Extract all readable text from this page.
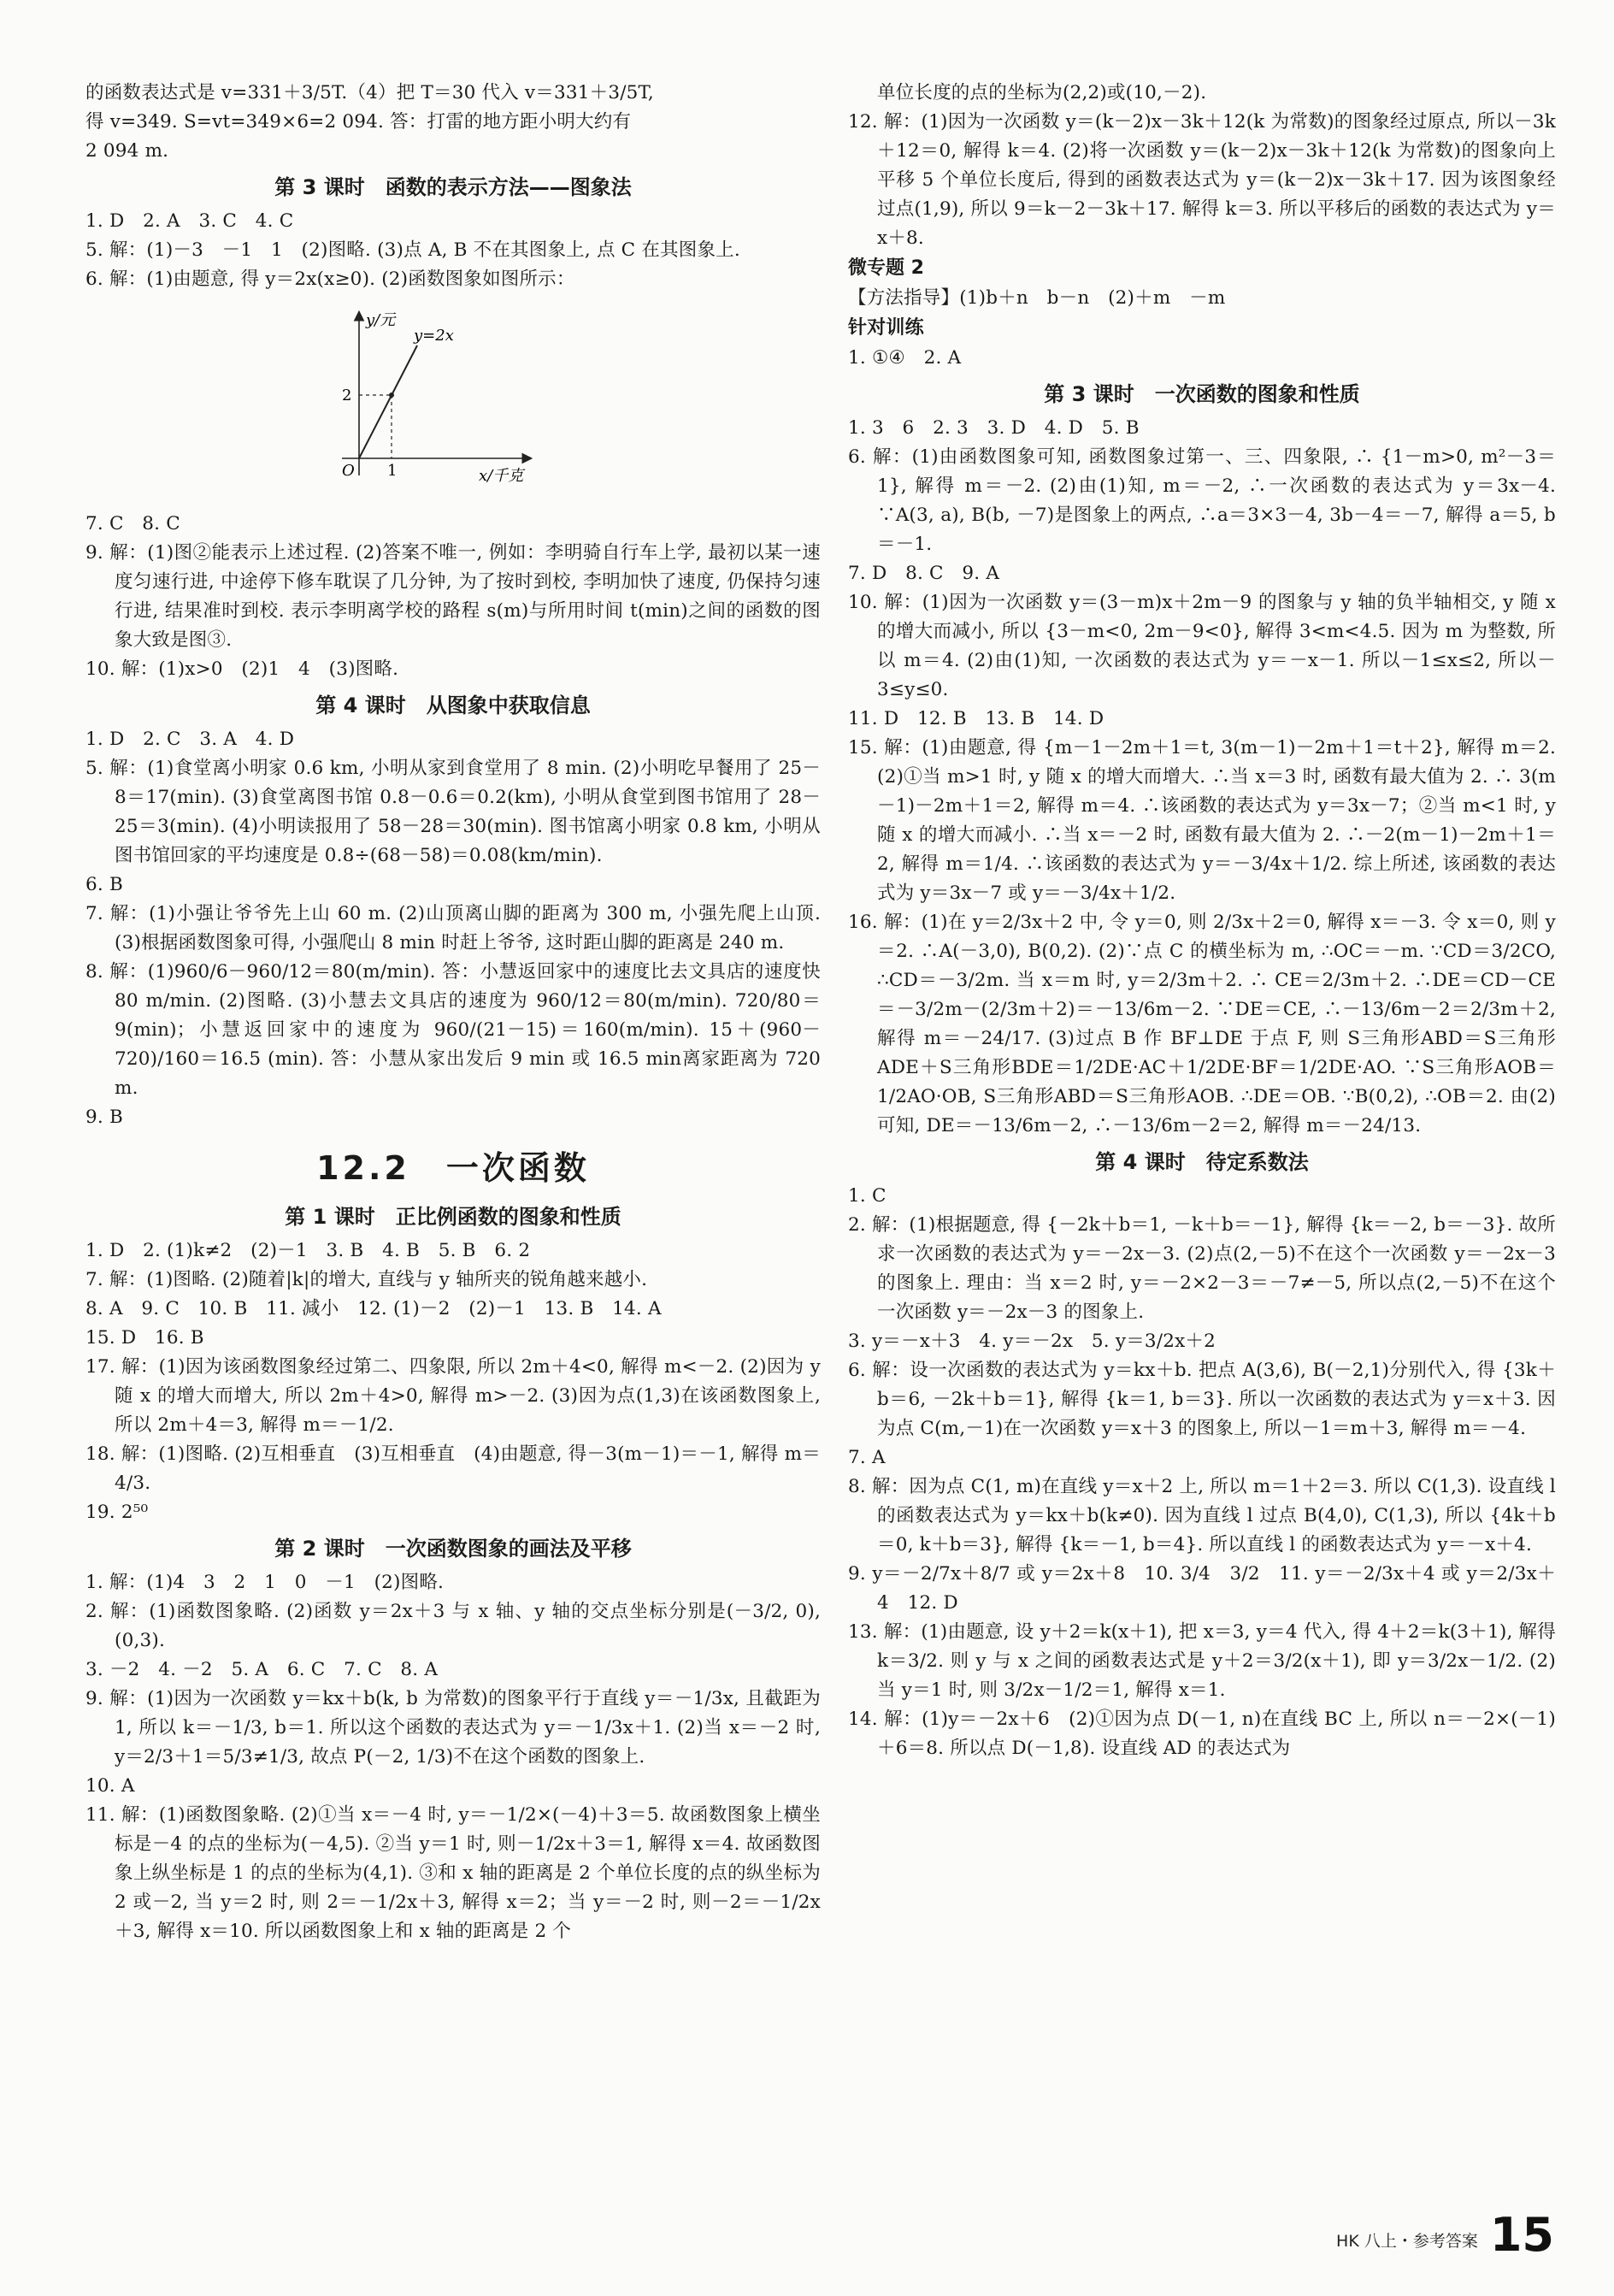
的函数表达式是 v=331＋3/5T.（4）把 T＝30 代入 v＝331＋3/5T,

得 v=349. S=vt=349×6=2 094. 答：打雷的地方距小明大约有

2 094 m.

第 3 课时　函数的表示方法——图象法

1. D　2. A　3. C　4. C

5. 解：(1)－3　－1　1　(2)图略. (3)点 A, B 不在其图象上, 点 C 在其图象上.

6. 解：(1)由题意, 得 y＝2x(x≥0). (2)函数图象如图所示：

y/元
y=2x
2
O 1	x/千克

7. C　8. C

9. 解：(1)图②能表示上述过程. (2)答案不唯一, 例如：李明骑自行车上学, 最初以某一速度匀速行进, 中途停下修车耽误了几分钟, 为了按时到校, 李明加快了速度, 仍保持匀速行进, 结果准时到校. 表示李明离学校的路程 s(m)与所用时间 t(min)之间的函数的图象大致是图③.

10. 解：(1)x>0　(2)1　4　(3)图略.

第 4 课时　从图象中获取信息

1. D　2. C　3. A　4. D

5. 解：(1)食堂离小明家 0.6 km, 小明从家到食堂用了 8 min. (2)小明吃早餐用了 25－8＝17(min). (3)食堂离图书馆 0.8－0.6＝0.2(km), 小明从食堂到图书馆用了 28－25＝3(min). (4)小明读报用了 58－28＝30(min). 图书馆离小明家 0.8 km, 小明从图书馆回家的平均速度是 0.8÷(68－58)＝0.08(km/min).

6. B

7. 解：(1)小强让爷爷先上山 60 m. (2)山顶离山脚的距离为 300 m, 小强先爬上山顶. (3)根据函数图象可得, 小强爬山 8 min 时赶上爷爷, 这时距山脚的距离是 240 m.

8. 解：(1)960/6－960/12＝80(m/min). 答：小慧返回家中的速度比去文具店的速度快 80 m/min. (2)图略. (3)小慧去文具店的速度为 960/12＝80(m/min). 720/80＝9(min)；小慧返回家中的速度为 960/(21－15)＝160(m/min). 15＋(960－720)/160＝16.5 (min). 答：小慧从家出发后 9 min 或 16.5 min离家距离为 720 m.

9. B

12.2　一次函数
第 1 课时　正比例函数的图象和性质

1. D　2. (1)k≠2　(2)－1　3. B　4. B　5. B　6. 2

7. 解：(1)图略. (2)随着|k|的增大, 直线与 y 轴所夹的锐角越来越小.

8. A　9. C　10. B　11. 减小　12. (1)－2　(2)－1　13. B　14. A

15. D　16. B

17. 解：(1)因为该函数图象经过第二、四象限, 所以 2m＋4<0, 解得 m<－2. (2)因为 y 随 x 的增大而增大, 所以 2m＋4>0, 解得 m>－2. (3)因为点(1,3)在该函数图象上, 所以 2m＋4＝3, 解得 m＝－1/2.

18. 解：(1)图略. (2)互相垂直　(3)互相垂直　(4)由题意, 得－3(m－1)＝－1, 解得 m＝4/3.

19. 2⁵⁰

第 2 课时　一次函数图象的画法及平移

1. 解：(1)4　3　2　1　0　－1　(2)图略.

2. 解：(1)函数图象略. (2)函数 y＝2x＋3 与 x 轴、y 轴的交点坐标分别是(－3/2, 0), (0,3).

3. －2　4. －2　5. A　6. C　7. C　8. A

9. 解：(1)因为一次函数 y＝kx＋b(k, b 为常数)的图象平行于直线 y＝－1/3x, 且截距为 1, 所以 k＝－1/3, b＝1. 所以这个函数的表达式为 y＝－1/3x＋1. (2)当 x＝－2 时, y＝2/3＋1＝5/3≠1/3, 故点 P(－2, 1/3)不在这个函数的图象上.

10. A

11. 解：(1)函数图象略. (2)①当 x＝－4 时, y＝－1/2×(－4)＋3＝5. 故函数图象上横坐标是－4 的点的坐标为(－4,5). ②当 y＝1 时, 则－1/2x＋3＝1, 解得 x＝4. 故函数图象上纵坐标是 1 的点的坐标为(4,1). ③和 x 轴的距离是 2 个单位长度的点的纵坐标为 2 或－2, 当 y＝2 时, 则 2＝－1/2x＋3, 解得 x＝2；当 y＝－2 时, 则－2＝－1/2x＋3, 解得 x＝10. 所以函数图象上和 x 轴的距离是 2 个

单位长度的点的坐标为(2,2)或(10,－2).

12. 解：(1)因为一次函数 y＝(k－2)x－3k＋12(k 为常数)的图象经过原点, 所以－3k＋12＝0, 解得 k＝4. (2)将一次函数 y＝(k－2)x－3k＋12(k 为常数)的图象向上平移 5 个单位长度后, 得到的函数表达式为 y＝(k－2)x－3k＋17. 因为该图象经过点(1,9), 所以 9＝k－2－3k＋17. 解得 k＝3. 所以平移后的函数的表达式为 y＝x＋8.

微专题 2

【方法指导】(1)b＋n　b－n　(2)＋m　－m

针对训练

1. ①④　2. A

第 3 课时　一次函数的图象和性质

1. 3　6　2. 3　3. D　4. D　5. B

6. 解：(1)由函数图象可知, 函数图象过第一、三、四象限, ∴ {1－m>0, m²－3＝1}, 解得 m＝－2. (2)由(1)知, m＝－2, ∴一次函数的表达式为 y＝3x－4. ∵A(3, a), B(b, －7)是图象上的两点, ∴a＝3×3－4, 3b－4＝－7, 解得 a＝5, b＝－1.

7. D　8. C　9. A

10. 解：(1)因为一次函数 y＝(3－m)x＋2m－9 的图象与 y 轴的负半轴相交, y 随 x 的增大而减小, 所以 {3－m<0, 2m－9<0}, 解得 3<m<4.5. 因为 m 为整数, 所以 m＝4. (2)由(1)知, 一次函数的表达式为 y＝－x－1. 所以－1≤x≤2, 所以－3≤y≤0.

11. D　12. B　13. B　14. D

15. 解：(1)由题意, 得 {m－1－2m＋1＝t, 3(m－1)－2m＋1＝t＋2}, 解得 m＝2. (2)①当 m>1 时, y 随 x 的增大而增大. ∴当 x＝3 时, 函数有最大值为 2. ∴ 3(m－1)－2m＋1＝2, 解得 m＝4. ∴该函数的表达式为 y＝3x－7；②当 m<1 时, y 随 x 的增大而减小. ∴当 x＝－2 时, 函数有最大值为 2. ∴－2(m－1)－2m＋1＝2, 解得 m＝1/4. ∴该函数的表达式为 y＝－3/4x＋1/2. 综上所述, 该函数的表达式为 y＝3x－7 或 y＝－3/4x＋1/2.

16. 解：(1)在 y＝2/3x＋2 中, 令 y＝0, 则 2/3x＋2＝0, 解得 x＝－3. 令 x＝0, 则 y＝2. ∴A(－3,0), B(0,2). (2)∵点 C 的横坐标为 m, ∴OC＝－m. ∵CD＝3/2CO, ∴CD＝－3/2m. 当 x＝m 时, y＝2/3m＋2. ∴ CE＝2/3m＋2. ∴DE＝CD－CE＝－3/2m－(2/3m＋2)＝－13/6m－2. ∵DE＝CE, ∴－13/6m－2＝2/3m＋2, 解得 m＝－24/17. (3)过点 B 作 BF⊥DE 于点 F, 则 S三角形ABD＝S三角形ADE＋S三角形BDE＝1/2DE·AC＋1/2DE·BF＝1/2DE·AO. ∵S三角形AOB＝1/2AO·OB, S三角形ABD＝S三角形AOB. ∴DE＝OB. ∵B(0,2), ∴OB＝2. 由(2)可知, DE＝－13/6m－2, ∴－13/6m－2＝2, 解得 m＝－24/13.

第 4 课时　待定系数法

1. C

2. 解：(1)根据题意, 得 {－2k＋b＝1, －k＋b＝－1}, 解得 {k＝－2, b＝－3}. 故所求一次函数的表达式为 y＝－2x－3. (2)点(2,－5)不在这个一次函数 y＝－2x－3 的图象上. 理由：当 x＝2 时, y＝－2×2－3＝－7≠－5, 所以点(2,－5)不在这个一次函数 y＝－2x－3 的图象上.

3. y＝－x＋3　4. y＝－2x　5. y＝3/2x＋2

6. 解：设一次函数的表达式为 y＝kx＋b. 把点 A(3,6), B(－2,1)分别代入, 得 {3k＋b＝6, －2k＋b＝1}, 解得 {k＝1, b＝3}. 所以一次函数的表达式为 y＝x＋3. 因为点 C(m,－1)在一次函数 y＝x＋3 的图象上, 所以－1＝m＋3, 解得 m＝－4.

7. A

8. 解：因为点 C(1, m)在直线 y＝x＋2 上, 所以 m＝1＋2＝3. 所以 C(1,3). 设直线 l 的函数表达式为 y＝kx＋b(k≠0). 因为直线 l 过点 B(4,0), C(1,3), 所以 {4k＋b＝0, k＋b＝3}, 解得 {k＝－1, b＝4}. 所以直线 l 的函数表达式为 y＝－x＋4.

9. y＝－2/7x＋8/7 或 y＝2x＋8　10. 3/4　3/2　11. y＝－2/3x＋4 或 y＝2/3x＋4　12. D

13. 解：(1)由题意, 设 y＋2＝k(x＋1), 把 x＝3, y＝4 代入, 得 4＋2＝k(3＋1), 解得 k＝3/2. 则 y 与 x 之间的函数表达式是 y＋2＝3/2(x＋1), 即 y＝3/2x－1/2. (2)当 y＝1 时, 则 3/2x－1/2＝1, 解得 x＝1.

14. 解：(1)y＝－2x＋6　(2)①因为点 D(－1, n)在直线 BC 上, 所以 n＝－2×(－1)＋6＝8. 所以点 D(－1,8). 设直线 AD 的表达式为

HK 八上・参考答案 15
